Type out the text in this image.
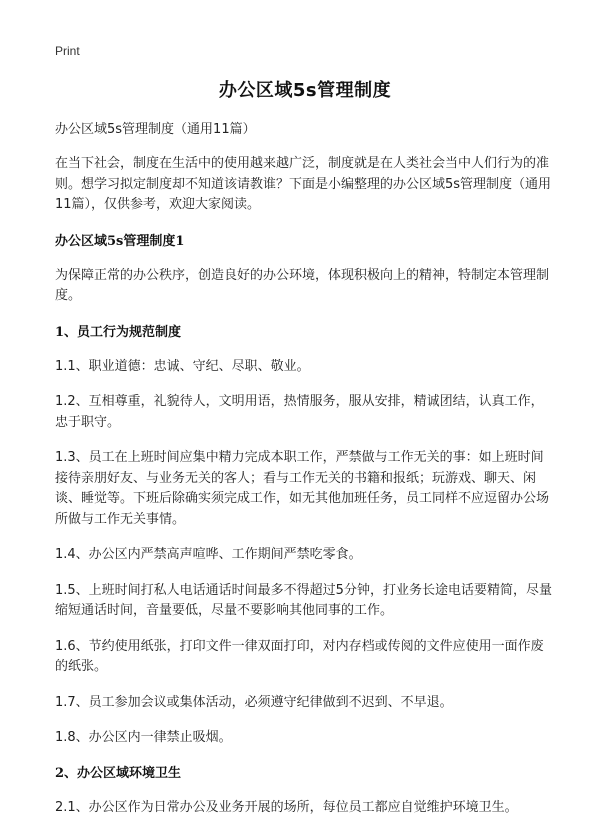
Print
办公区域5s管理制度
办公区域5s管理制度（通用11篇）

在当下社会，制度在生活中的使用越来越广泛，制度就是在人类社会当中人们行为的准则。想学习拟定制度却不知道该请教谁？下面是小编整理的办公区域5s管理制度（通用11篇），仅供参考，欢迎大家阅读。

办公区域5s管理制度1

为保障正常的办公秩序，创造良好的办公环境，体现积极向上的精神，特制定本管理制度。

1、员工行为规范制度

1.1、职业道德：忠诚、守纪、尽职、敬业。

1.2、互相尊重，礼貌待人，文明用语，热情服务，服从安排，精诚团结，认真工作，忠于职守。

1.3、员工在上班时间应集中精力完成本职工作，严禁做与工作无关的事：如上班时间接待亲朋好友、与业务无关的客人；看与工作无关的书籍和报纸；玩游戏、聊天、闲谈、睡觉等。下班后除确实须完成工作，如无其他加班任务，员工同样不应逗留办公场所做与工作无关事情。

1.4、办公区内严禁高声喧哗、工作期间严禁吃零食。

1.5、上班时间打私人电话通话时间最多不得超过5分钟，打业务长途电话要精简，尽量缩短通话时间，音量要低，尽量不要影响其他同事的工作。

1.6、节约使用纸张，打印文件一律双面打印，对内存档或传阅的文件应使用一面作废的纸张。

1.7、员工参加会议或集体活动，必须遵守纪律做到不迟到、不早退。

1.8、办公区内一律禁止吸烟。

2、办公区域环境卫生

2.1、办公区作为日常办公及业务开展的场所，每位员工都应自觉维护环境卫生。
